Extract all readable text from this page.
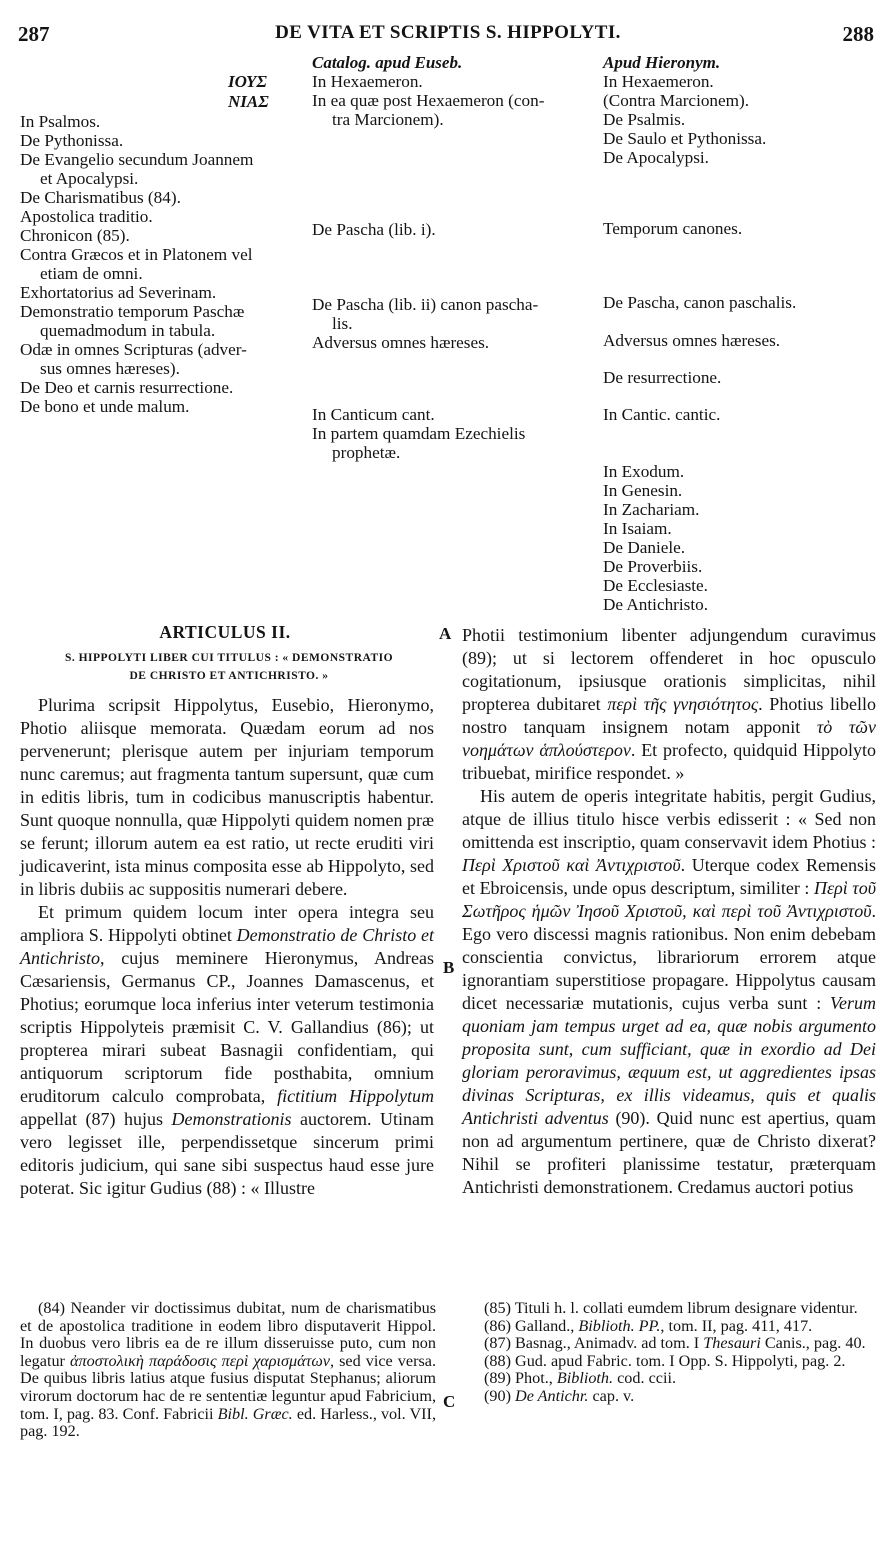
287	DE VITA ET SCRIPTIS S. HIPPOLYTI.	288
ΙΟΥΣ
ΝΙΑΣ
In Psalmos.
De Pythonissa.
De Evangelio secundum Joannem
et Apocalypsi.
De Charismatibus (84).
Apostolica traditio.
Chronicon (85).
Contra Græcos et in Platonem vel
etiam de omni.
Exhortatorius ad Severinam.
Demonstratio temporum Paschæ
quemadmodum in tabula.
Odæ in omnes Scripturas (adver-
sus omnes hæreses).
De Deo et carnis resurrectione.
De bono et unde malum.
Catalog. apud Euseb.
In Hexaemeron.
In ea quæ post Hexaemeron (con-
tra Marcionem).
De Pascha (lib. i).
De Pascha (lib. ii) canon pascha-
lis.
Adversus omnes hæreses.
In Canticum cant.
In partem quamdam Ezechielis
prophetæ.
Apud Hieronym.
In Hexaemeron.
(Contra Marcionem).
De Psalmis.
De Saulo et Pythonissa.
De Apocalypsi.
Temporum canones.
De Pascha, canon paschalis.
Adversus omnes hæreses.
De resurrectione.
In Cantic. cantic.
In Exodum.
In Genesin.
In Zachariam.
In Isaiam.
De Daniele.
De Proverbiis.
De Ecclesiaste.
De Antichristo.
ARTICULUS II.
S. HIPPOLYTI LIBER CUI TITULUS : « DEMONSTRATIO
DE CHRISTO ET ANTICHRISTO. »
A
B
C

Plurima scripsit Hippolytus, Eusebio, Hieronymo, Photio aliisque memorata. Quædam eorum ad nos pervenerunt; plerisque autem per injuriam temporum nunc caremus; aut fragmenta tantum supersunt, quæ cum in editis libris, tum in codicibus manuscriptis habentur. Sunt quoque nonnulla, quæ Hippolyti quidem nomen præ se ferunt; illorum autem ea est ratio, ut recte eruditi viri judicaverint, ista minus composita esse ab Hippolyto, sed in libris dubiis ac suppositis numerari debere.

Et primum quidem locum inter opera integra seu ampliora S. Hippolyti obtinet Demonstratio de Christo et Antichristo, cujus meminere Hieronymus, Andreas Cæsariensis, Germanus CP., Joannes Damascenus, et Photius; eorumque loca inferius inter veterum testimonia scriptis Hippolyteis præmisit C. V. Gallandius (86); ut propterea mirari subeat Basnagii confidentiam, qui antiquorum scriptorum fide posthabita, omnium eruditorum calculo comprobata, fictitium Hippolytum appellat (87) hujus Demonstrationis auctorem. Utinam vero legisset ille, perpendissetque sincerum primi editoris judicium, qui sane sibi suspectus haud esse jure poterat. Sic igitur Gudius (88) : « Illustre

Photii testimonium libenter adjungendum curavimus (89); ut si lectorem offenderet in hoc opusculo cogitationum, ipsiusque orationis simplicitas, nihil propterea dubitaret περὶ τῆς γνησιότητος. Photius libello nostro tanquam insignem notam apponit τὸ τῶν νοημάτων ἁπλούστερον. Et profecto, quidquid Hippolyto tribuebat, mirifice respondet. »

His autem de operis integritate habitis, pergit Gudius, atque de illius titulo hisce verbis edisserit : « Sed non omittenda est inscriptio, quam conservavit idem Photius : Περὶ Χριστοῦ καὶ Ἀντιχριστοῦ. Uterque codex Remensis et Ebroicensis, unde opus descriptum, similiter : Περὶ τοῦ Σωτῆρος ἡμῶν Ἰησοῦ Χριστοῦ, καὶ περὶ τοῦ Ἀντιχριστοῦ. Ego vero discessi magnis rationibus. Non enim debebam conscientia convictus, librariorum errorem atque ignorantiam superstitiose propagare. Hippolytus causam dicet necessariæ mutationis, cujus verba sunt : Verum quoniam jam tempus urget ad ea, quæ nobis argumento proposita sunt, cum sufficiant, quæ in exordio ad Dei gloriam peroravimus, æquum est, ut aggredientes ipsas divinas Scripturas, ex illis videamus, quis et qualis Antichristi adventus (90). Quid nunc est apertius, quam non ad argumentum pertinere, quæ de Christo dixerat? Nihil se profiteri planissime testatur, præterquam Antichristi demonstrationem. Credamus auctori potius

(84) Neander vir doctissimus dubitat, num de charismatibus et de apostolica traditione in eodem libro disputaverit Hippol. In duobus vero libris ea de re illum disseruisse puto, cum non legatur ἀποστολικὴ παράδοσις περὶ χαρισμάτων, sed vice versa. De quibus libris latius atque fusius disputat Stephanus; aliorum virorum doctorum hac de re sententiæ leguntur apud Fabricium, tom. I, pag. 83. Conf. Fabricii Bibl. Græc. ed. Harless., vol. VII, pag. 192.

(85) Tituli h. l. collati eumdem librum designare videntur.

(86) Galland., Biblioth. PP., tom. II, pag. 411, 417.

(87) Basnag., Animadv. ad tom. I Thesauri Canis., pag. 40.

(88) Gud. apud Fabric. tom. I Opp. S. Hippolyti, pag. 2.

(89) Phot., Biblioth. cod. ccii.

(90) De Antichr. cap. v.
